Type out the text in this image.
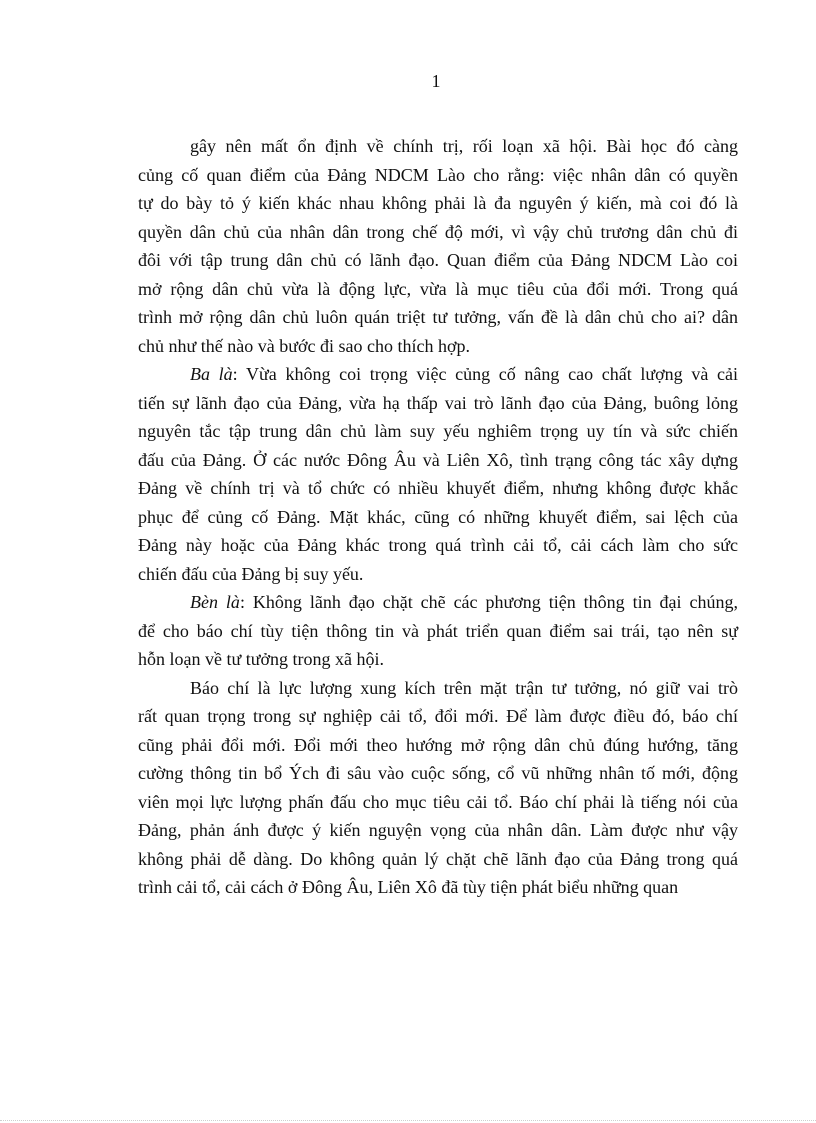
1
gây nên mất ổn định về chính trị, rối loạn xã hội. Bài học đó càng
củng cố quan điểm của Đảng NDCM Lào cho rằng: việc nhân dân có quyền
tự do bày tỏ ý kiến khác nhau không phải là đa nguyên ý kiến, mà coi đó là
quyền dân chủ của nhân dân trong chế độ mới, vì vậy chủ trương dân chủ đi
đôi với tập trung dân chủ có lãnh đạo. Quan điểm của Đảng NDCM Lào coi
mở rộng dân chủ vừa là động lực, vừa là mục tiêu của đổi mới. Trong quá
trình mở rộng dân chủ luôn quán triệt tư tưởng, vấn đề là dân chủ cho ai? dân
chủ như thế nào và bước đi sao cho thích hợp.
Ba là: Vừa không coi trọng việc củng cố nâng cao chất lượng và cải
tiến sự lãnh đạo của Đảng, vừa hạ thấp vai trò lãnh đạo của Đảng, buông lỏng
nguyên tắc tập trung dân chủ làm suy yếu nghiêm trọng uy tín và sức chiến
đấu của Đảng. Ở các nước Đông Âu và Liên Xô, tình trạng công tác xây dựng
Đảng về chính trị và tổ chức có nhiều khuyết điểm, nhưng không được khắc
phục để củng cố Đảng. Mặt khác, cũng có những khuyết điểm, sai lệch của
Đảng này hoặc của Đảng khác trong quá trình cải tổ, cải cách làm cho sức
chiến đấu của Đảng bị suy yếu.
Bèn là: Không lãnh đạo chặt chẽ các phương tiện thông tin đại chúng,
để cho báo chí tùy tiện thông tin và phát triển quan điểm sai trái, tạo nên sự
hỗn loạn về tư tưởng trong xã hội.
Báo chí là lực lượng xung kích trên mặt trận tư tưởng, nó giữ vai trò
rất quan trọng trong sự nghiệp cải tổ, đổi mới. Để làm được điều đó, báo chí
cũng phải đổi mới. Đổi mới theo hướng mở rộng dân chủ đúng hướng, tăng
cường thông tin bổ Ých đi sâu vào cuộc sống, cổ vũ những nhân tố mới, động
viên mọi lực lượng phấn đấu cho mục tiêu cải tổ. Báo chí phải là tiếng nói của
Đảng, phản ánh được ý kiến nguyện vọng của nhân dân. Làm được như vậy
không phải dễ dàng. Do không quản lý chặt chẽ lãnh đạo của Đảng trong quá
trình cải tổ, cải cách ở Đông Âu, Liên Xô đã tùy tiện phát biểu những quan
